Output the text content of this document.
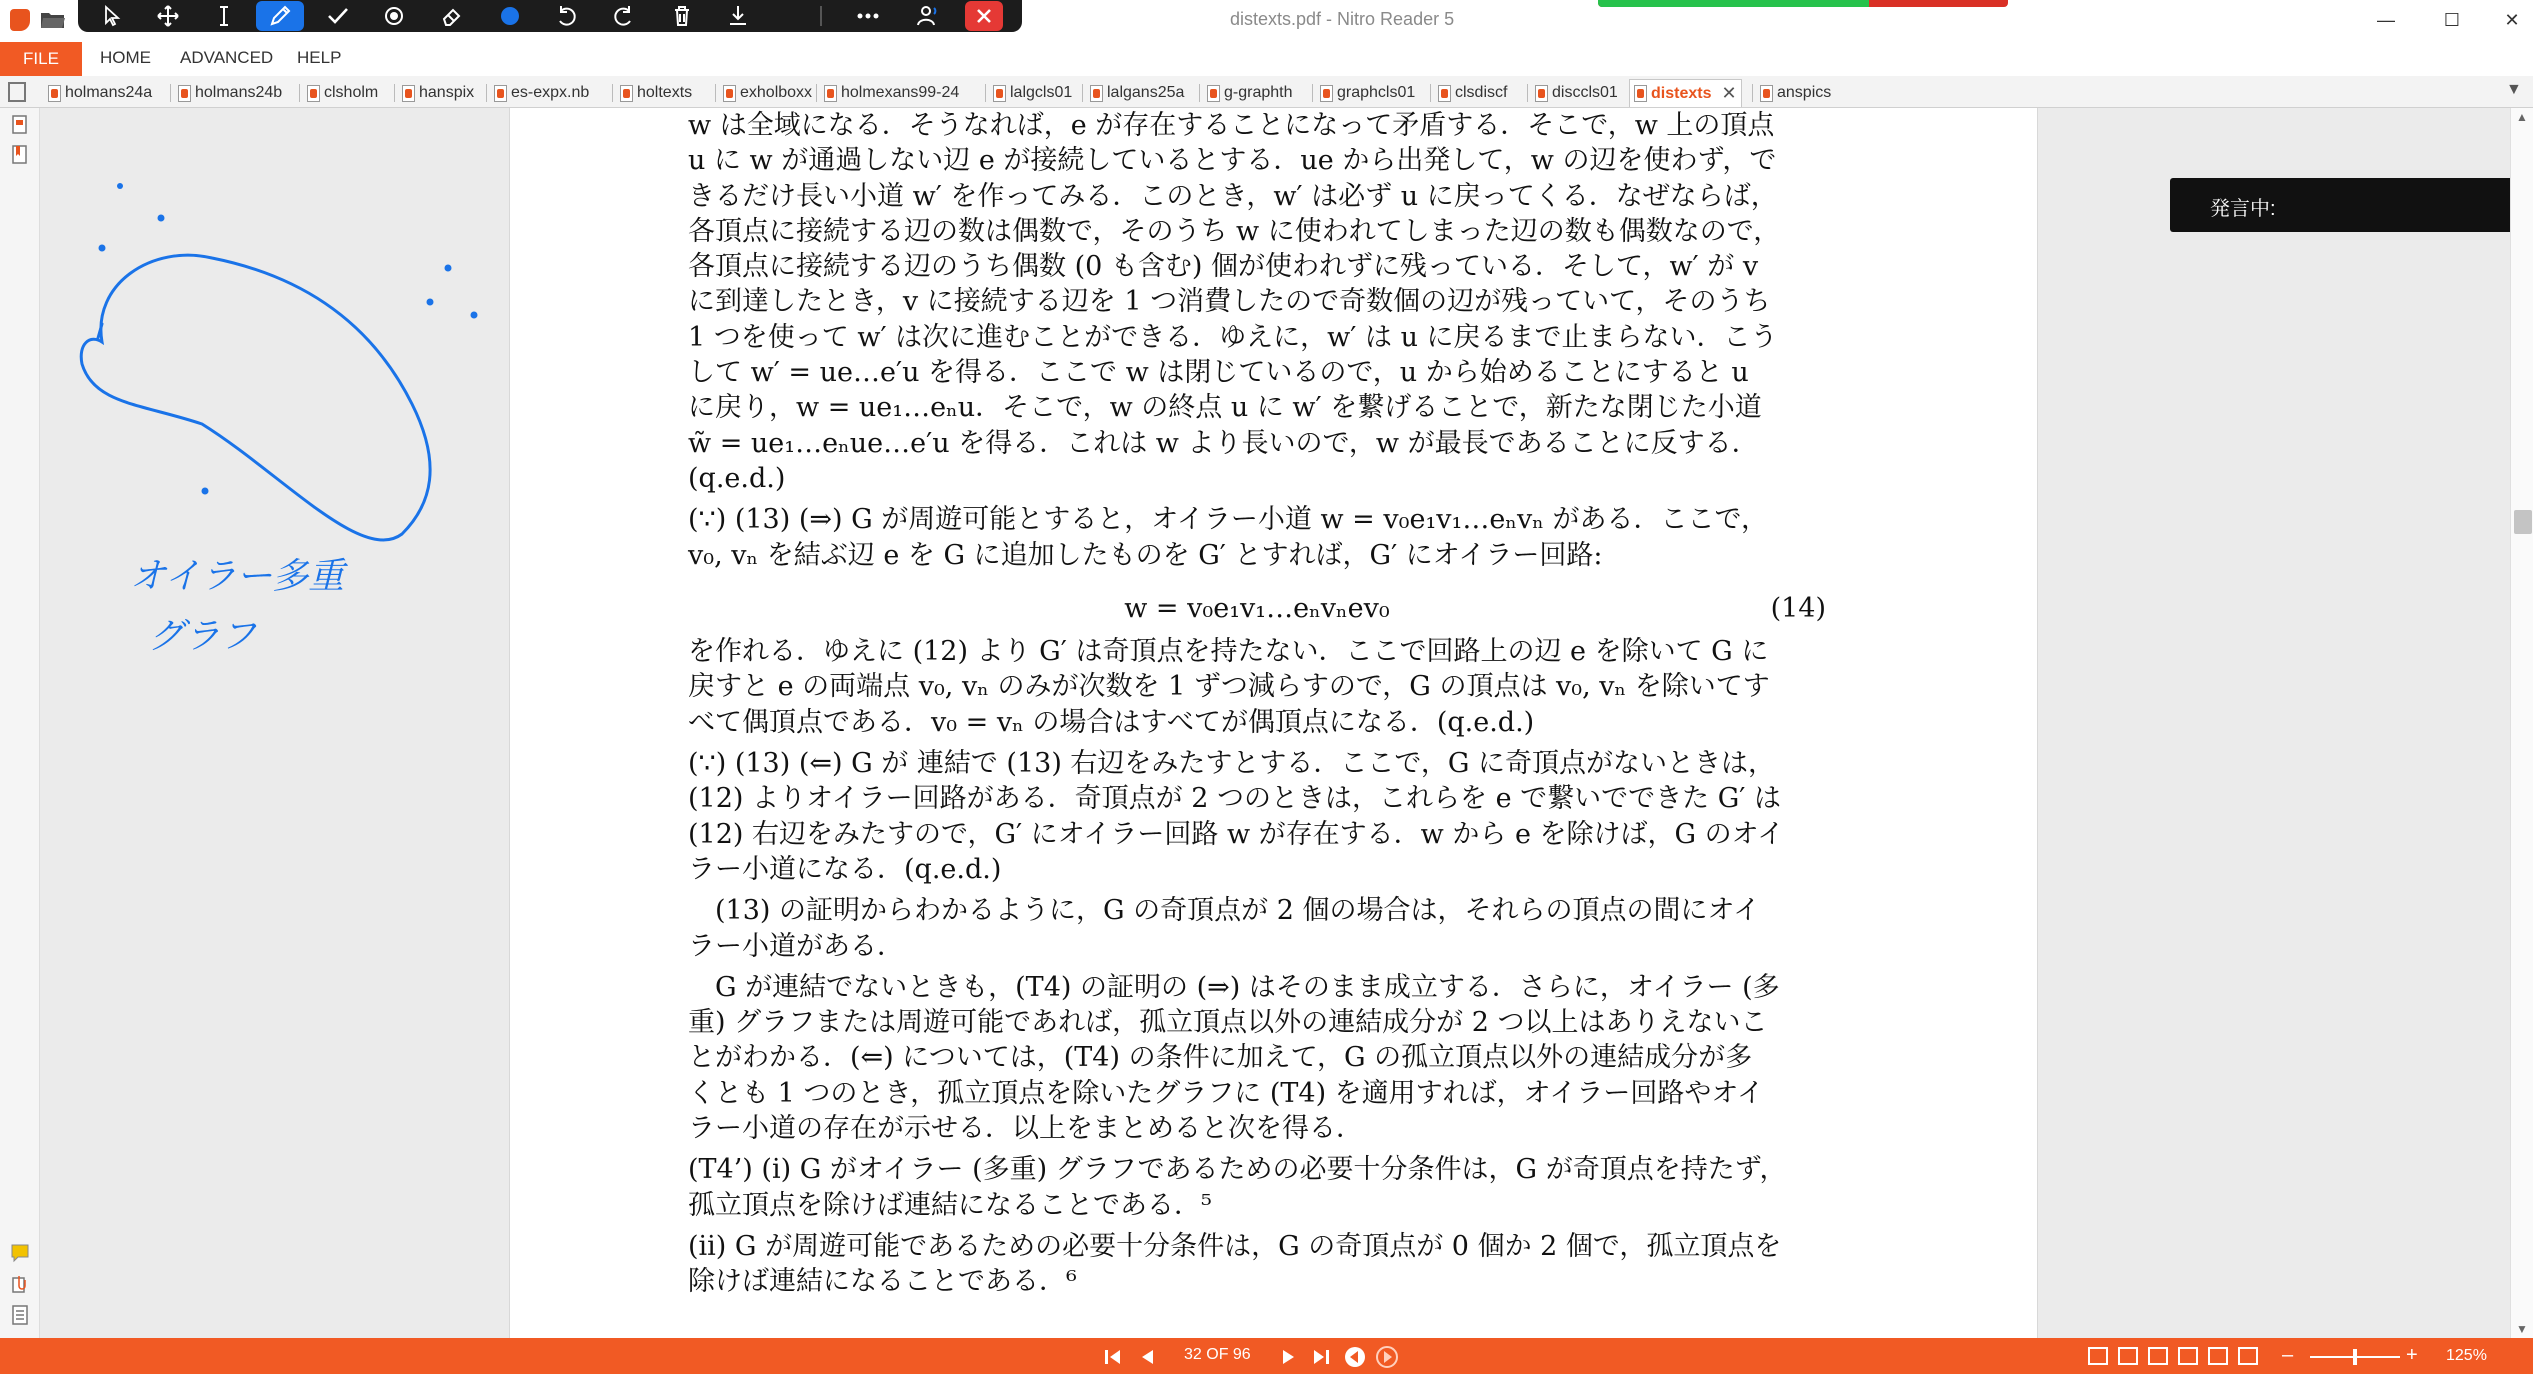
distexts.pdf - Nitro Reader 5	—	☐	✕
FILE	HOME ADVANCED HELP
holmans24a	holmans24b	clsholm	hanspix es-expx.nb	holtexts	exholboxx holmexans99-24	lalgcls01 lalgans25a g-graphth	graphcls01 clsdiscf	disccls01 distexts ✕	anspics	▼

w は全域になる．そうなれば，e が存在することになって矛盾する．そこで，w 上の頂点

u に w が通過しない辺 e が接続しているとする．ue から出発して，w の辺を使わず，で

きるだけ長い小道 w′ を作ってみる．このとき，w′ は必ず u に戻ってくる．なぜならば，

各頂点に接続する辺の数は偶数で，そのうち w に使われてしまった辺の数も偶数なので，

各頂点に接続する辺のうち偶数 (0 も含む) 個が使われずに残っている．そして，w′ が v

に到達したとき，v に接続する辺を 1 つ消費したので奇数個の辺が残っていて，そのうち

1 つを使って w′ は次に進むことができる．ゆえに，w′ は u に戻るまで止まらない．こう

して w′ = ue…e′u を得る．ここで w は閉じているので，u から始めることにすると u

に戻り，w = ue₁…eₙu．そこで，w の終点 u に w′ を繋げることで，新たな閉じた小道

w̃ = ue₁…eₙue…e′u を得る．これは w より長いので，w が最長であることに反する．

(q.e.d.)

(∵) (13) (⇒) G が周遊可能とすると，オイラー小道 w = v₀e₁v₁…eₙvₙ がある．ここで，

v₀, vₙ を結ぶ辺 e を G に追加したものを G′ とすれば，G′ にオイラー回路:

w = v₀e₁v₁…eₙvₙev₀	(14)

を作れる．ゆえに (12) より G′ は奇頂点を持たない．ここで回路上の辺 e を除いて G に

戻すと e の両端点 v₀, vₙ のみが次数を 1 ずつ減らすので，G の頂点は v₀, vₙ を除いてす

べて偶頂点である．v₀ = vₙ の場合はすべてが偶頂点になる．(q.e.d.)

(∵) (13) (⇐) G が 連結で (13) 右辺をみたすとする．ここで，G に奇頂点がないときは，

(12) よりオイラー回路がある．奇頂点が 2 つのときは，これらを e で繋いでできた G′ は

(12) 右辺をみたすので，G′ にオイラー回路 w が存在する．w から e を除けば，G のオイ

ラー小道になる．(q.e.d.)

　(13) の証明からわかるように，G の奇頂点が 2 個の場合は，それらの頂点の間にオイ

ラー小道がある．

　G が連結でないときも，(T4) の証明の (⇒) はそのまま成立する．さらに，オイラー (多

重) グラフまたは周遊可能であれば，孤立頂点以外の連結成分が 2 つ以上はありえないこ

とがわかる．(⇐) については，(T4) の条件に加えて，G の孤立頂点以外の連結成分が多

くとも 1 つのとき，孤立頂点を除いたグラフに (T4) を適用すれば，オイラー回路やオイ

ラー小道の存在が示せる．以上をまとめると次を得る．

(T4’) (i) G がオイラー (多重) グラフであるための必要十分条件は，G が奇頂点を持たず，

孤立頂点を除けば連結になることである．⁵

(ii) G が周遊可能であるための必要十分条件は，G の奇頂点が 0 個か 2 個で，孤立頂点を

除けば連結になることである．⁶

オイラー多重
グラフ
発言中:
▲
▼
32 OF 96	–	+ 125%
